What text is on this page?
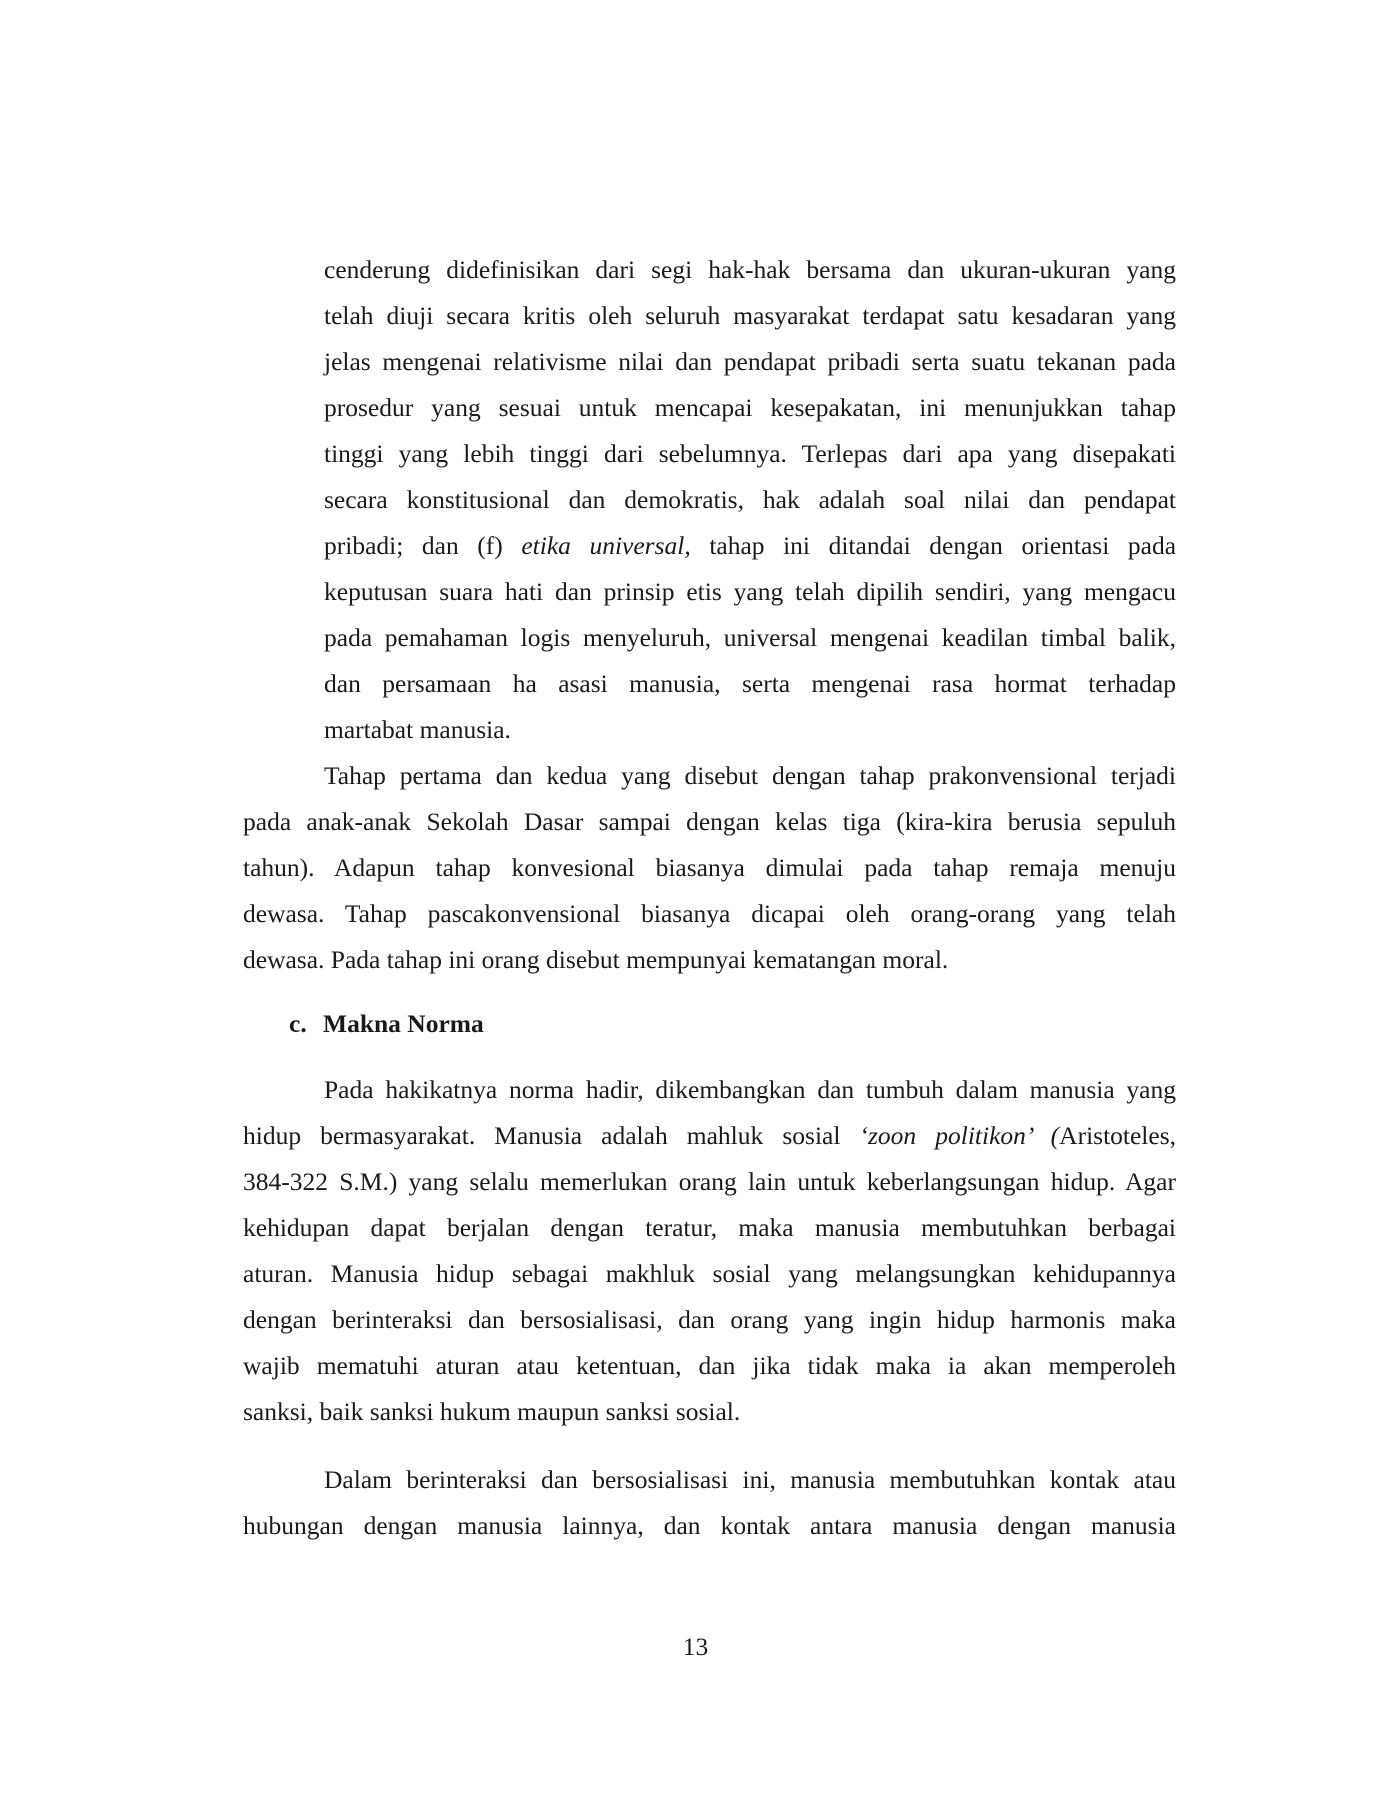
cenderung didefinisikan dari segi hak-hak bersama dan ukuran-ukuran yang
telah diuji secara kritis oleh seluruh masyarakat terdapat satu kesadaran yang
jelas mengenai relativisme nilai dan pendapat pribadi serta suatu tekanan pada
prosedur yang sesuai untuk mencapai kesepakatan, ini menunjukkan tahap
tinggi yang lebih tinggi dari sebelumnya. Terlepas dari apa yang disepakati
secara konstitusional dan demokratis, hak adalah soal nilai dan pendapat
pribadi; dan (f) etika universal, tahap ini ditandai dengan orientasi pada
keputusan suara hati dan prinsip etis yang telah dipilih sendiri, yang mengacu
pada pemahaman logis menyeluruh, universal mengenai keadilan timbal balik,
dan persamaan ha asasi manusia, serta mengenai rasa hormat terhadap
martabat manusia.
Tahap pertama dan kedua yang disebut dengan tahap prakonvensional terjadi
pada anak-anak Sekolah Dasar sampai dengan kelas tiga (kira-kira berusia sepuluh
tahun). Adapun tahap konvesional biasanya dimulai pada tahap remaja menuju
dewasa. Tahap pascakonvensional biasanya dicapai oleh orang-orang yang telah
dewasa. Pada tahap ini orang disebut mempunyai kematangan moral.
c. Makna Norma
Pada hakikatnya norma hadir, dikembangkan dan tumbuh dalam manusia yang
hidup bermasyarakat. Manusia adalah mahluk sosial ‘zoon politikon’ (Aristoteles,
384-322 S.M.) yang selalu memerlukan orang lain untuk keberlangsungan hidup. Agar
kehidupan dapat berjalan dengan teratur, maka manusia membutuhkan berbagai
aturan. Manusia hidup sebagai makhluk sosial yang melangsungkan kehidupannya
dengan berinteraksi dan bersosialisasi, dan orang yang ingin hidup harmonis maka
wajib mematuhi aturan atau ketentuan, dan jika tidak maka ia akan memperoleh
sanksi, baik sanksi hukum maupun sanksi sosial.
Dalam berinteraksi dan bersosialisasi ini, manusia membutuhkan kontak atau
hubungan dengan manusia lainnya, dan kontak antara manusia dengan manusia
13
